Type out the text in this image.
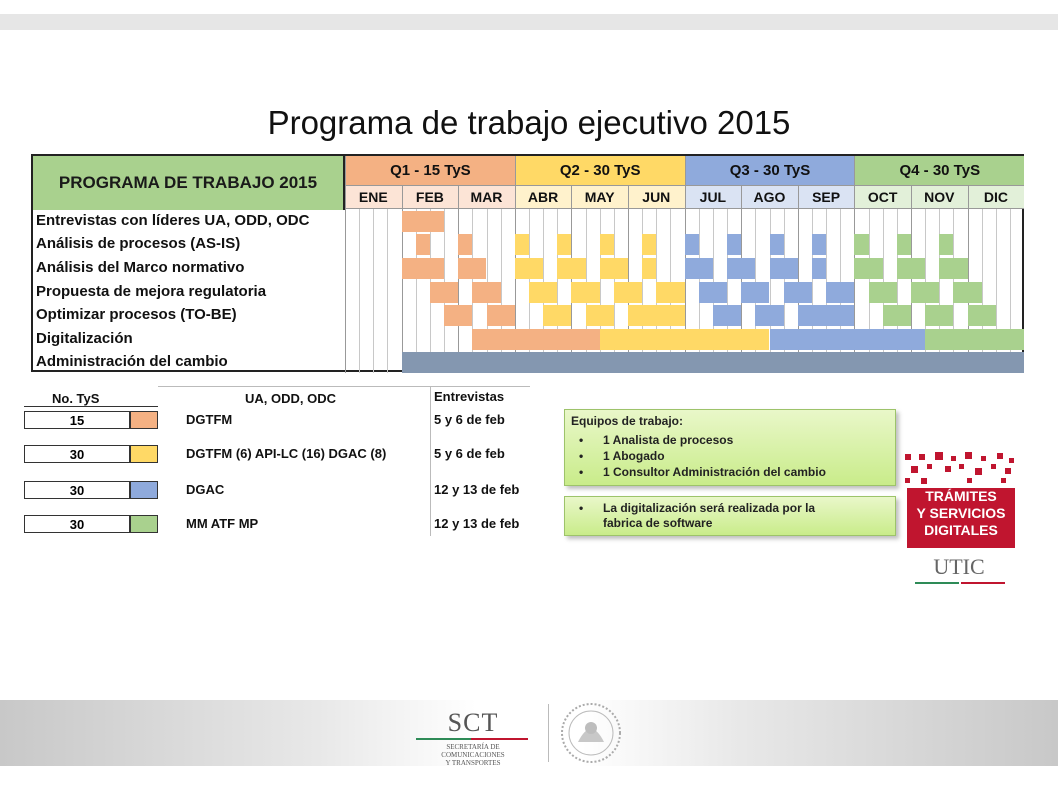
Programa de trabajo ejecutivo 2015
PROGRAMA DE TRABAJO 2015
Q1 - 15 TyS	Q2 - 30 TyS	Q3 - 30 TyS	Q4 - 30 TyS
ENE	FEB	MAR	ABR	MAY	JUN	JUL	AGO	SEP	OCT	NOV	DIC
Entrevistas con líderes UA, ODD, ODC
Análisis de procesos (AS-IS)
Análisis del Marco normativo
Propuesta de mejora regulatoria
Optimizar procesos (TO-BE)
Digitalización
Administración del cambio
No. TyS	UA, ODD, ODC	Entrevistas
15	DGTFM	5 y 6 de feb
30	DGTFM (6) API-LC (16) DGAC (8)	5 y 6 de feb
30	DGAC	12 y 13 de feb
30	MM ATF MP	12 y 13 de feb
Equipos de trabajo:
• 1 Analista de procesos
• 1 Abogado
• 1 Consultor Administración del cambio
• La digitalización será realizada por la
fabrica de software
TRÁMITES
Y SERVICIOS
DIGITALES
UTIC
SCT
SECRETARÍA DE
COMUNICACIONES
Y TRANSPORTES
